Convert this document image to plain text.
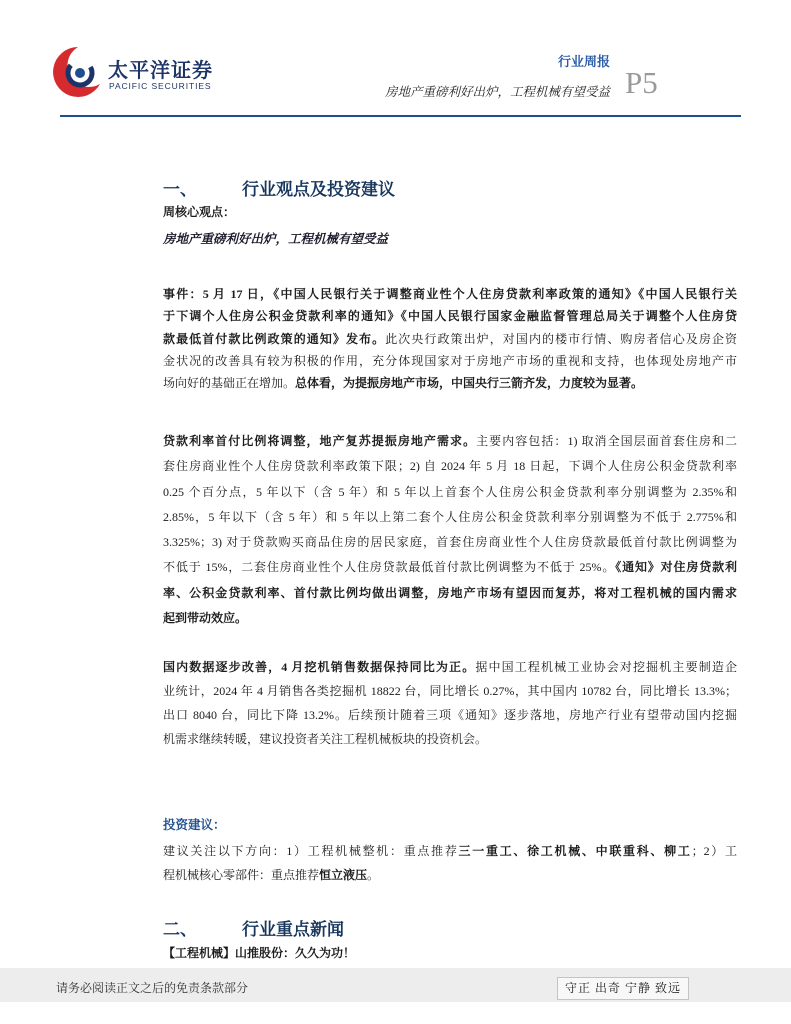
太平洋证券
PACIFIC SECURITIES
行业周报
房地产重磅利好出炉，工程机械有望受益 P5
一、	行业观点及投资建议
周核心观点：
房地产重磅利好出炉，工程机械有望受益
事件：5 月 17 日，《中国人民银行关于调整商业性个人住房贷款利率政策的通知》《中国人民银行关
于下调个人住房公积金贷款利率的通知》《中国人民银行国家金融监督管理总局关于调整个人住房贷
款最低首付款比例政策的通知》发布。此次央行政策出炉，对国内的楼市行情、购房者信心及房企资
金状况的改善具有较为积极的作用，充分体现国家对于房地产市场的重视和支持，也体现处房地产市
场向好的基础正在增加。总体看，为提振房地产市场，中国央行三箭齐发，力度较为显著。
贷款利率首付比例将调整，地产复苏提振房地产需求。主要内容包括：1) 取消全国层面首套住房和二
套住房商业性个人住房贷款利率政策下限；2) 自 2024 年 5 月 18 日起，下调个人住房公积金贷款利率
0.25 个百分点，5 年以下（含 5 年）和 5 年以上首套个人住房公积金贷款利率分别调整为 2.35%和
2.85%，5 年以下（含 5 年）和 5 年以上第二套个人住房公积金贷款利率分别调整为不低于 2.775%和
3.325%；3) 对于贷款购买商品住房的居民家庭，首套住房商业性个人住房贷款最低首付款比例调整为
不低于 15%，二套住房商业性个人住房贷款最低首付款比例调整为不低于 25%。《通知》对住房贷款利
率、公积金贷款利率、首付款比例均做出调整，房地产市场有望因而复苏，将对工程机械的国内需求
起到带动效应。
国内数据逐步改善，4 月挖机销售数据保持同比为正。据中国工程机械工业协会对挖掘机主要制造企
业统计，2024 年 4 月销售各类挖掘机 18822 台，同比增长 0.27%，其中国内 10782 台，同比增长 13.3%；
出口 8040 台，同比下降 13.2%。后续预计随着三项《通知》逐步落地，房地产行业有望带动国内挖掘
机需求继续转暖，建议投资者关注工程机械板块的投资机会。
投资建议：
建议关注以下方向：1）工程机械整机：重点推荐三一重工、徐工机械、中联重科、柳工；2）工
程机械核心零部件：重点推荐恒立液压。
二、	行业重点新闻
【工程机械】山推股份：久久为功！
请务必阅读正文之后的免责条款部分	守正 出奇 宁静 致远
